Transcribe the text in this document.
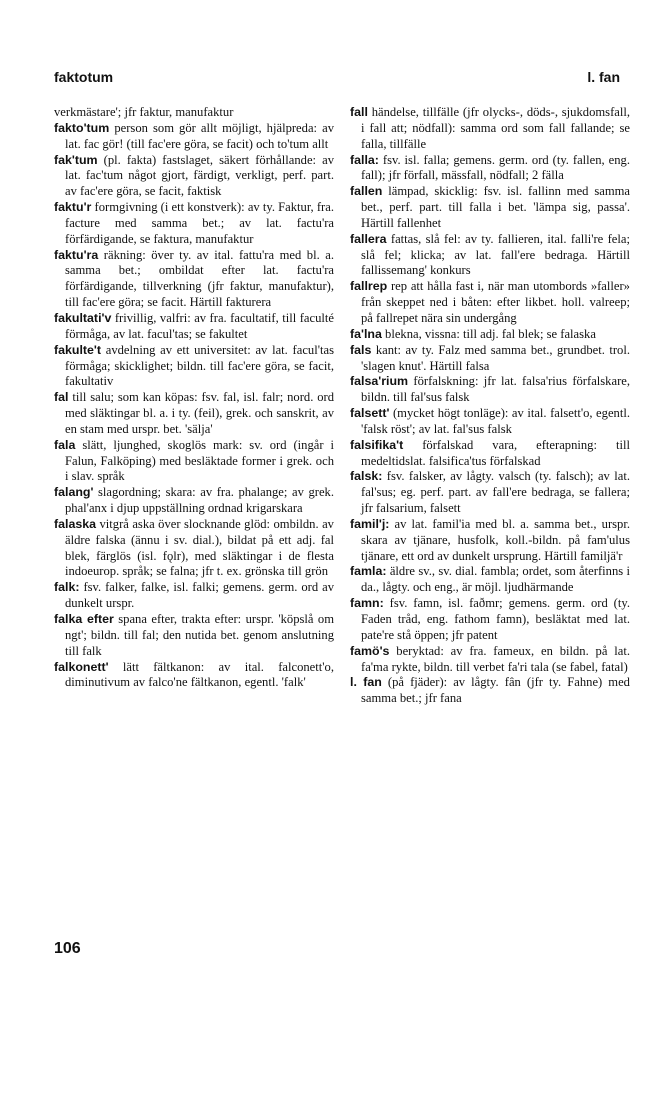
faktotum	l. fan

verkmästare'; jfr faktur, manufaktur

fakto'tum person som gör allt möjligt, hjälpreda: av lat. fac gör! (till fac'ere göra, se facit) och to'tum allt

fak'tum (pl. fakta) fastslaget, säkert förhållande: av lat. fac'tum något gjort, färdigt, verkligt, perf. part. av fac'ere göra, se facit, faktisk

faktu'r formgivning (i ett konstverk): av ty. Faktur, fra. facture med samma bet.; av lat. factu'ra förfärdigande, se faktura, manufaktur

faktu'ra räkning: över ty. av ital. fattu'ra med bl. a. samma bet.; ombildat efter lat. factu'ra förfärdigande, tillverkning (jfr faktur, manufaktur), till fac'ere göra; se facit. Härtill fakturera

fakultati'v frivillig, valfri: av fra. facultatif, till faculté förmåga, av lat. facul'tas; se fakultet

fakulte't avdelning av ett universitet: av lat. facul'tas förmåga; skicklighet; bildn. till fac'ere göra, se facit, fakultativ

fal till salu; som kan köpas: fsv. fal, isl. falr; nord. ord med släktingar bl. a. i ty. (feil), grek. och sanskrit, av en stam med urspr. bet. 'sälja'

fala slätt, ljunghed, skoglös mark: sv. ord (ingår i Falun, Falköping) med besläktade former i grek. och i slav. språk

falang' slagordning; skara: av fra. phalange; av grek. phal'anx i djup uppställning ordnad krigarskara

falaska vitgrå aska över slocknande glöd: ombildn. av äldre falska (ännu i sv. dial.), bildat på ett adj. fal blek, färglös (isl. fǫlr), med släktingar i de flesta indoeurop. språk; se falna; jfr t. ex. grönska till grön

falk: fsv. falker, falke, isl. falki; gemens. germ. ord av dunkelt urspr.

falka efter spana efter, trakta efter: urspr. 'köpslå om ngt'; bildn. till fal; den nutida bet. genom anslutning till falk

falkonett' lätt fältkanon: av ital. falconett'o, diminutivum av falco'ne fältkanon, egentl. 'falk'

fall händelse, tillfälle (jfr olycks-, döds-, sjukdomsfall, i fall att; nödfall): samma ord som fall fallande; se falla, tillfälle

falla: fsv. isl. falla; gemens. germ. ord (ty. fallen, eng. fall); jfr förfall, mässfall, nödfall; 2 fälla

fallen lämpad, skicklig: fsv. isl. fallinn med samma bet., perf. part. till falla i bet. 'lämpa sig, passa'. Härtill fallenhet

fallera fattas, slå fel: av ty. fallieren, ital. falli're fela; slå fel; klicka; av lat. fall'ere bedraga. Härtill fallissemang' konkurs

fallrep rep att hålla fast i, när man utombords »faller» från skeppet ned i båten: efter likbet. holl. valreep; på fallrepet nära sin undergång

fa'lna blekna, vissna: till adj. fal blek; se falaska

fals kant: av ty. Falz med samma bet., grundbet. trol. 'slagen knut'. Härtill falsa

falsa'rium förfalskning: jfr lat. falsa'rius förfalskare, bildn. till fal'sus falsk

falsett' (mycket högt tonläge): av ital. falsett'o, egentl. 'falsk röst'; av lat. fal'sus falsk

falsifika't förfalskad vara, efterapning: till medeltidslat. falsifica'tus förfalskad

falsk: fsv. falsker, av lågty. valsch (ty. falsch); av lat. fal'sus; eg. perf. part. av fall'ere bedraga, se fallera; jfr falsarium, falsett

famil'j: av lat. famil'ia med bl. a. samma bet., urspr. skara av tjänare, husfolk, koll.-bildn. på fam'ulus tjänare, ett ord av dunkelt ursprung. Härtill familjä'r

famla: äldre sv., sv. dial. fambla; ordet, som återfinns i da., lågty. och eng., är möjl. ljudhärmande

famn: fsv. famn, isl. faðmr; gemens. germ. ord (ty. Faden tråd, eng. fathom famn), besläktat med lat. pate're stå öppen; jfr patent

famö's beryktad: av fra. fameux, en bildn. på lat. fa'ma rykte, bildn. till verbet fa'ri tala (se fabel, fatal)

l. fan (på fjäder): av lågty. fân (jfr ty. Fahne) med samma bet.; jfr fana

106
